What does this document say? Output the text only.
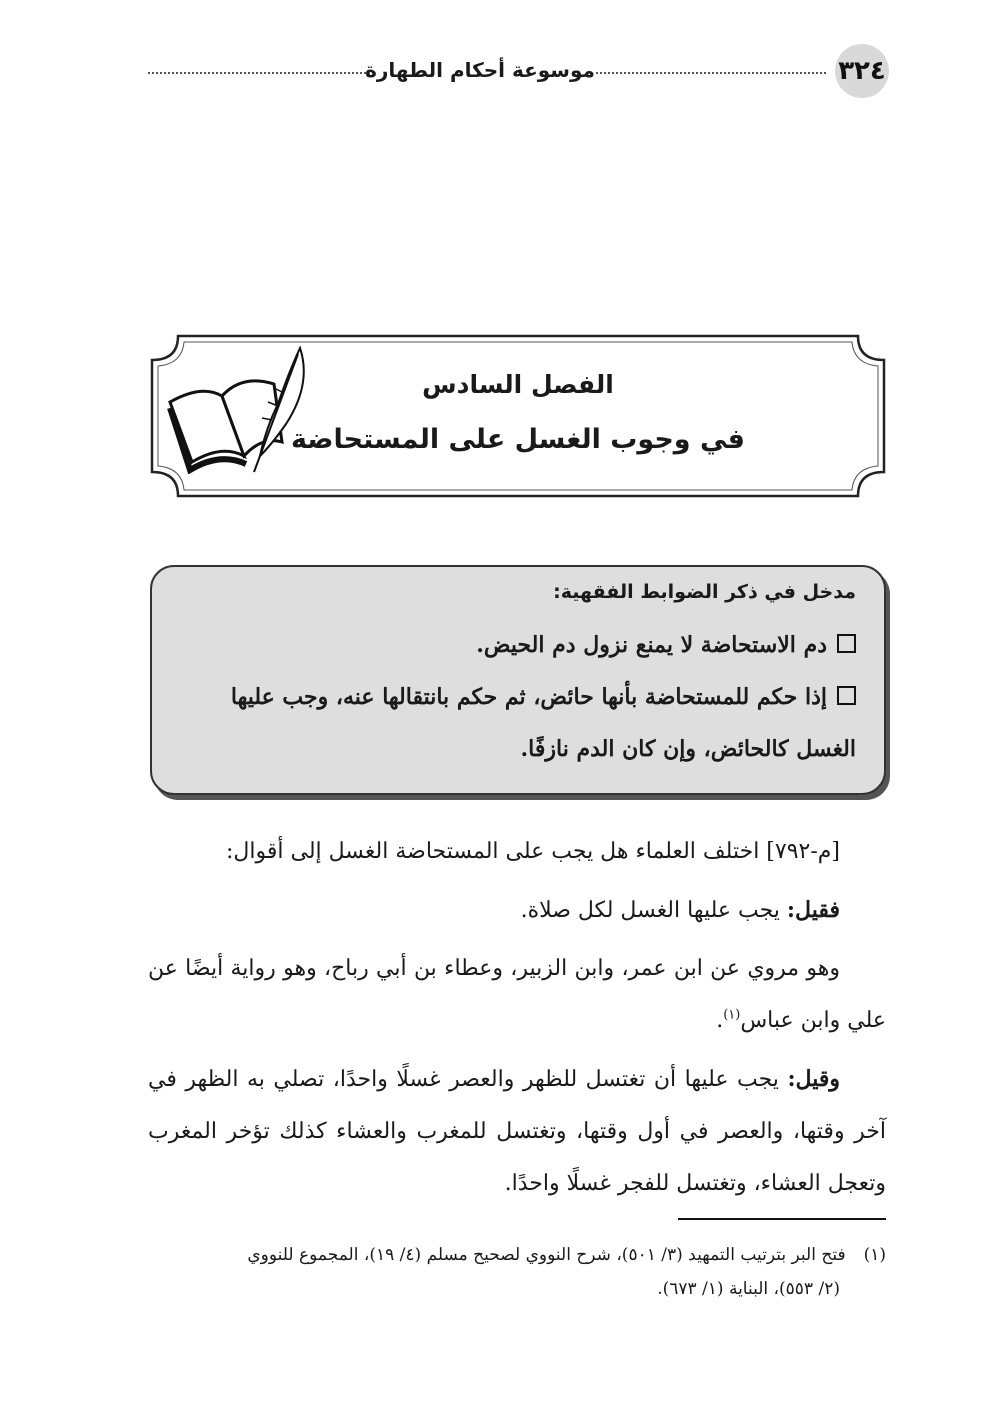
٣٢٤
موسوعة أحكام الطهارة
الفصل السادس
في وجوب الغسل على المستحاضة
مدخل في ذكر الضوابط الفقهية:
دم الاستحاضة لا يمنع نزول دم الحيض.
إذا حكم للمستحاضة بأنها حائض، ثم حكم بانتقالها عنه، وجب عليها الغسل كالحائض، وإن كان الدم نازفًا.

[م-٧٩٢] اختلف العلماء هل يجب على المستحاضة الغسل إلى أقوال:

فقيل: يجب عليها الغسل لكل صلاة.

وهو مروي عن ابن عمر، وابن الزبير، وعطاء بن أبي رباح، وهو رواية أيضًا عن علي وابن عباس$^{(١)}$.

وقيل: يجب عليها أن تغتسل للظهر والعصر غسلًا واحدًا، تصلي به الظهر في آخر وقتها، والعصر في أول وقتها، وتغتسل للمغرب والعشاء كذلك تؤخر المغرب وتعجل العشاء، وتغتسل للفجر غسلًا واحدًا.

(١)فتح البر بترتيب التمهيد (٣/ ٥٠١)، شرح النووي لصحيح مسلم (٤/ ١٩)، المجموع للنووي
(٢/ ٥٥٣)، البناية (١/ ٦٧٣).
